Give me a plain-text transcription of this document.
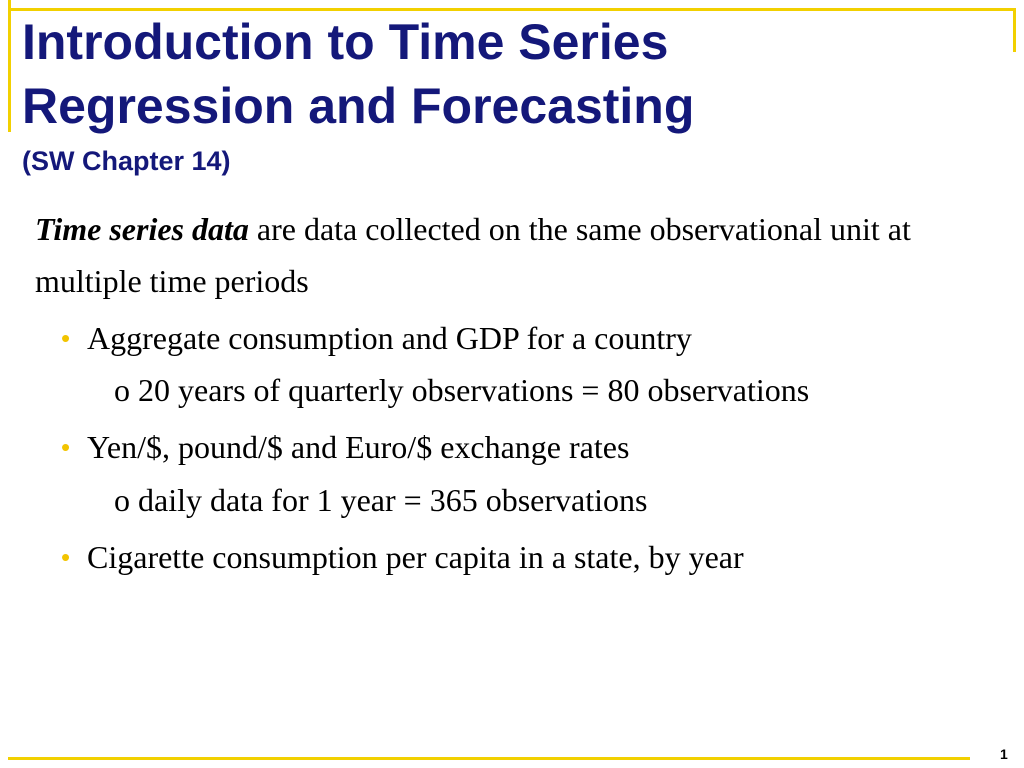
Introduction to Time Series
Regression and Forecasting
(SW Chapter 14)

Time series data are data collected on the same observational unit at multiple time periods

• Aggregate consumption and GDP for a country
o 20 years of quarterly observations = 80 observations
• Yen/$, pound/$ and Euro/$ exchange rates
o daily data for 1 year = 365 observations
• Cigarette consumption per capita in a state, by year
1
